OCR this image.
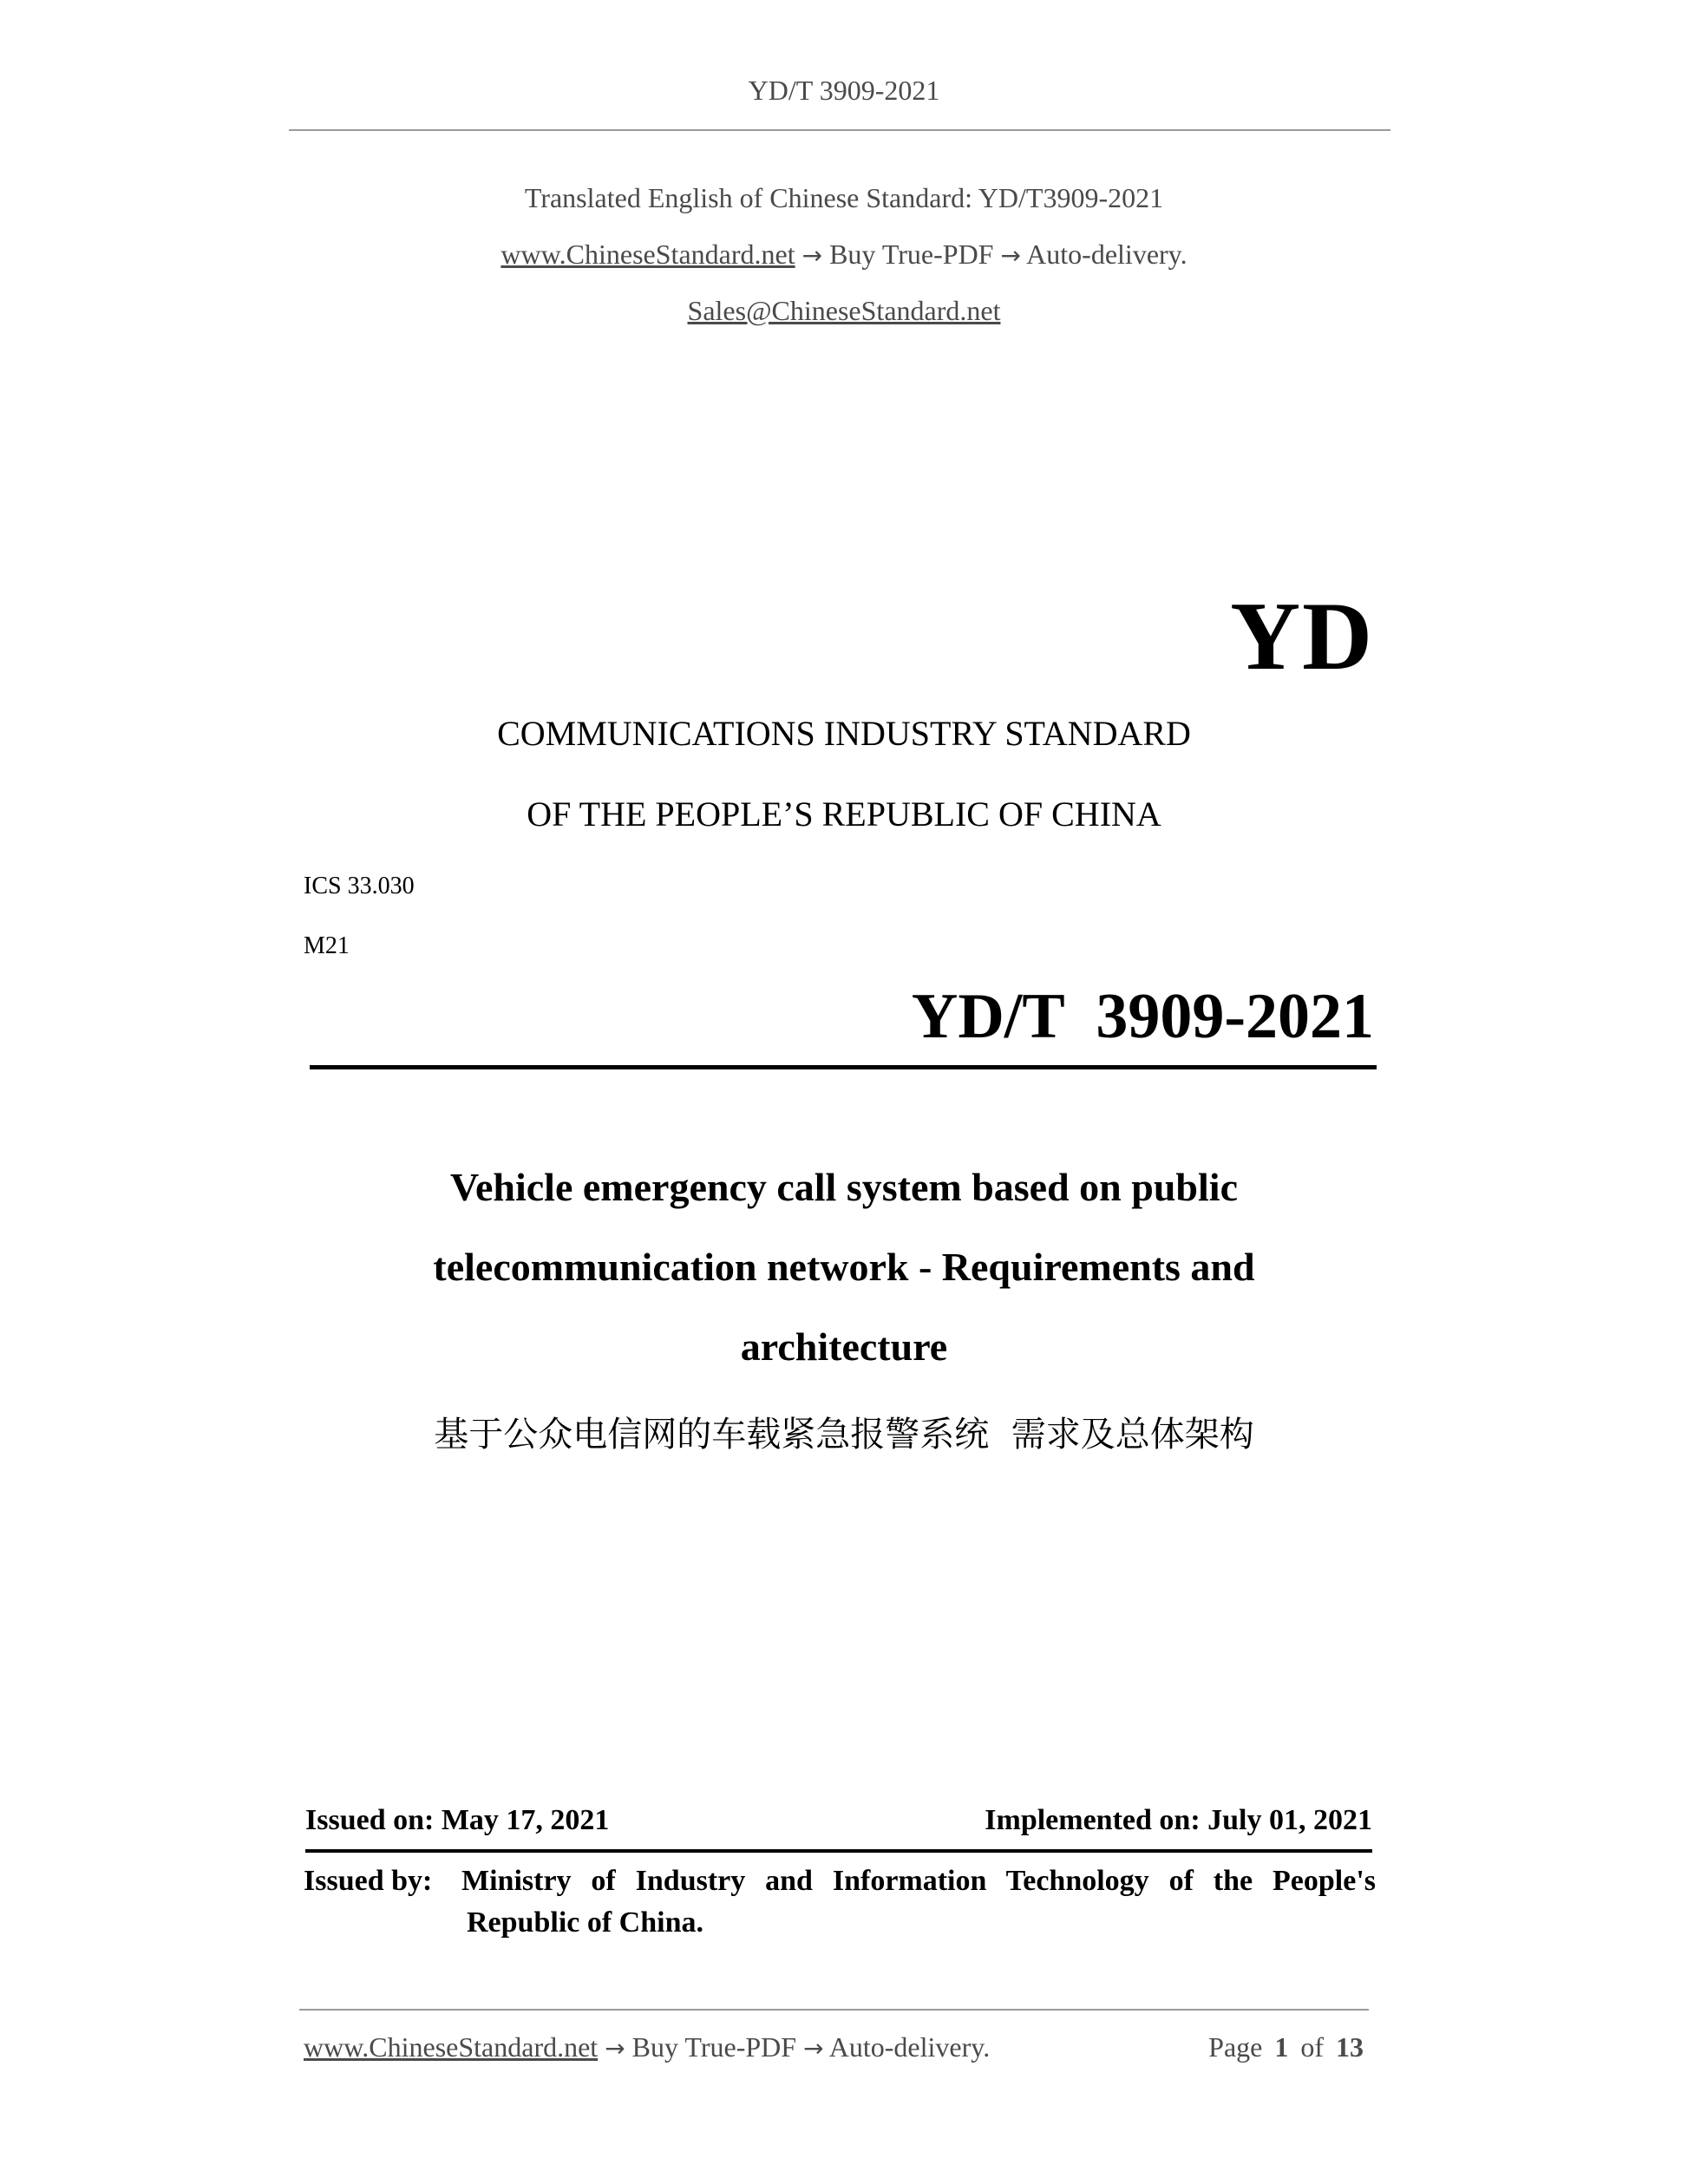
YD/T 3909-2021
Translated English of Chinese Standard: YD/T3909-2021
www.ChineseStandard.net → Buy True-PDF → Auto-delivery.
Sales@ChineseStandard.net
YD
COMMUNICATIONS INDUSTRY STANDARD
OF THE PEOPLE’S REPUBLIC OF CHINA
ICS 33.030
M21
YD/T  3909-2021
Vehicle emergency call system based on public
telecommunication network - Requirements and
architecture
基于公众电信网的车载紧急报警系统  需求及总体架构
Issued on: May 17, 2021	Implemented on: July 01, 2021
Issued by: Ministry of Industry and Information Technology of the People's
Republic of China.
www.ChineseStandard.net → Buy True-PDF → Auto-delivery.	Page 1 of 13
